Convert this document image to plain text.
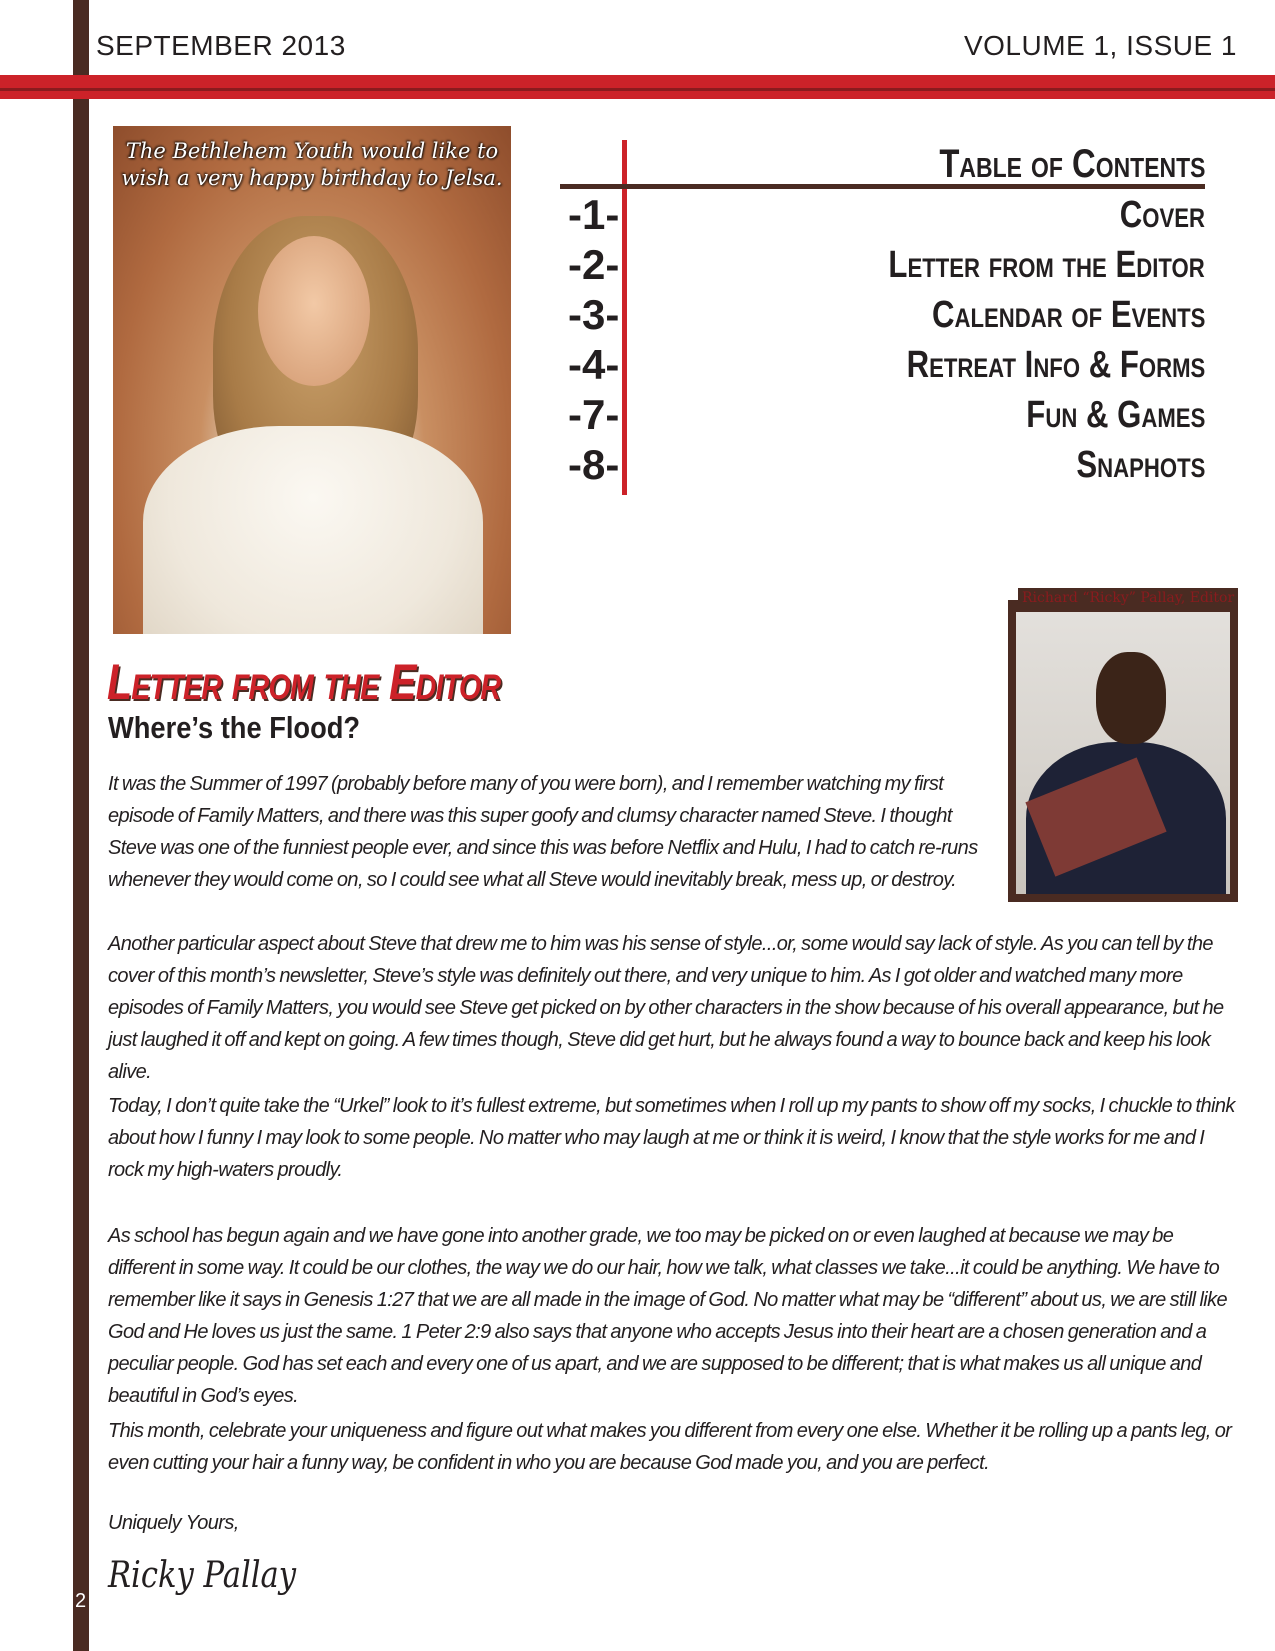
SEPTEMBER 2013	VOLUME 1, ISSUE 1
The Bethlehem Youth would like to wish a very happy birthday to Jelsa.	Table of Contents
-1-	Cover
-2-	Letter from the Editor
-3-	Calendar of Events
-4-	Retreat Info & Forms
-7-	Fun & Games
-8-	Snaphots
Richard “Ricky” Pallay, Editor
Letter from the Editor
Where’s the Flood?

It was the Summer of 1997 (probably before many of you were born), and I remember watching my first episode of Family Matters, and there was this super goofy and clumsy character named Steve. I thought Steve was one of the funniest people ever, and since this was before Netflix and Hulu, I had to catch re-runs whenever they would come on, so I could see what all Steve would inevitably break, mess up, or destroy.

Another particular aspect about Steve that drew me to him was his sense of style...or, some would say lack of style. As you can tell by the cover of this month’s newsletter, Steve’s style was definitely out there, and very unique to him. As I got older and watched many more episodes of Family Matters, you would see Steve get picked on by other characters in the show because of his overall appearance, but he just laughed it off and kept on going. A few times though, Steve did get hurt, but he always found a way to bounce back and keep his look alive.

Today, I don’t quite take the “Urkel” look to it’s fullest extreme, but sometimes when I roll up my pants to show off my socks, I chuckle to think about how I funny I may look to some people. No matter who may laugh at me or think it is weird, I know that the style works for me and I rock my high-waters proudly.

As school has begun again and we have gone into another grade, we too may be picked on or even laughed at because we may be different in some way. It could be our clothes, the way we do our hair, how we talk, what classes we take...it could be anything. We have to remember like it says in Genesis 1:27 that we are all made in the image of God. No matter what may be “different” about us, we are still like God and He loves us just the same. 1 Peter 2:9 also says that anyone who accepts Jesus into their heart are a chosen generation and a peculiar people. God has set each and every one of us apart, and we are supposed to be different; that is what makes us all unique and beautiful in God’s eyes.

This month, celebrate your uniqueness and figure out what makes you different from every one else. Whether it be rolling up a pants leg, or even cutting your hair a funny way, be confident in who you are because God made you, and you are perfect.

Uniquely Yours,
Ricky Pallay
2
